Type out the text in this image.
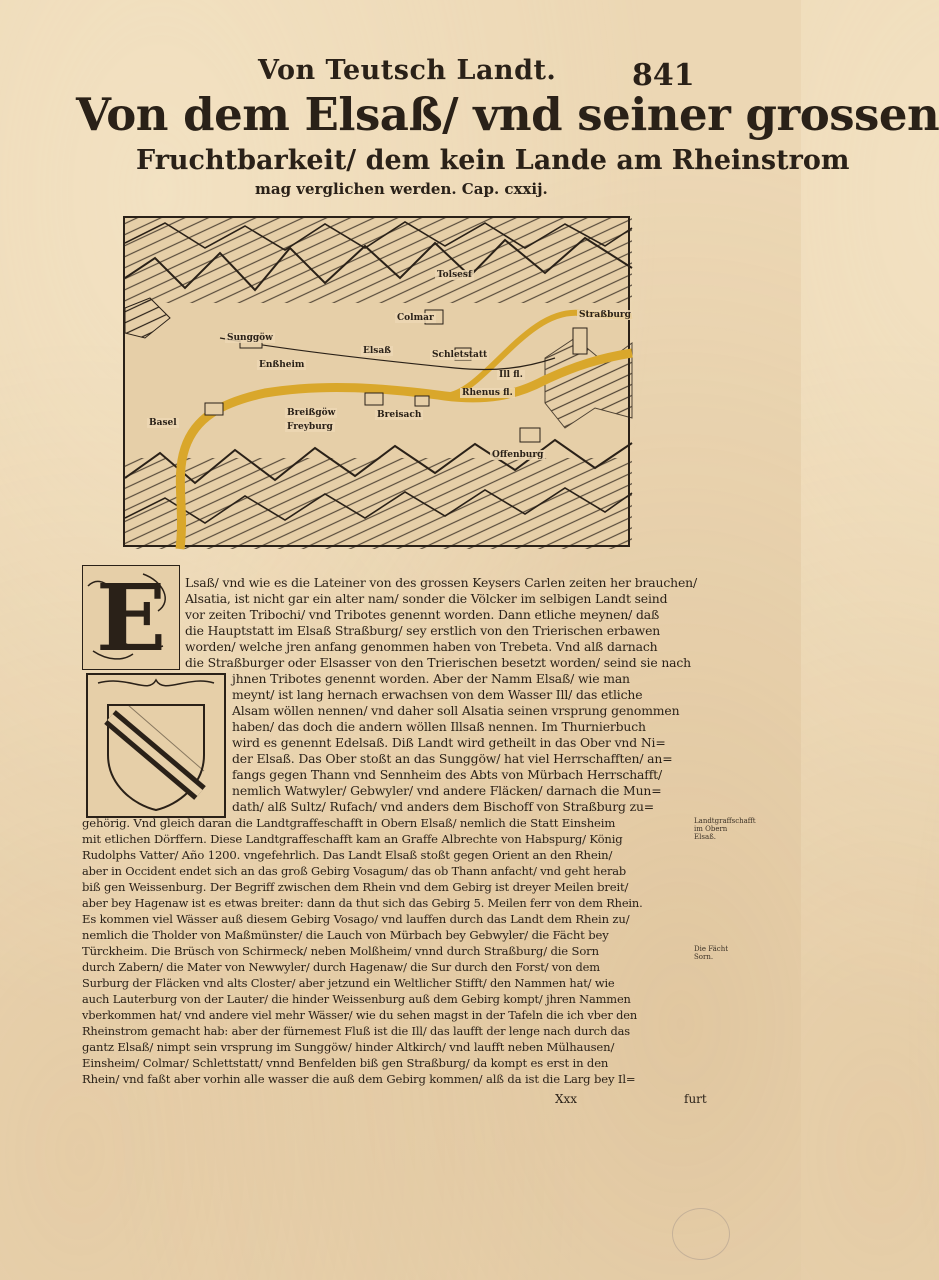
Von Teutsch Landt.	841
Von dem Elsaß/ vnd seiner grossen
Fruchtbarkeit/ dem kein Lande am Rheinstrom
mag verglichen werden. Cap. cxxij.
Colmar	Straßburg
Sunggöw
Elsaß	Schletstatt
Enßheim
Ill fl.
Rhenus fl.
Basel
Breißgöw	Breisach
Freyburg
Offenburg
Tolsesf
E	Lsaß/ vnd wie es die Lateiner von des grossen Keysers Carlen zeiten her brauchen/
Alsatia, ist nicht gar ein alter nam/ sonder die Völcker im selbigen Landt seind
vor zeiten Tribochi/ vnd Tribotes genennt worden. Dann etliche meynen/ daß
die Hauptstatt im Elsaß Straßburg/ sey erstlich von den Trierischen erbawen
worden/ welche jren anfang genommen haben von Trebeta. Vnd alß darnach
die Straßburger oder Elsasser von den Trierischen besetzt worden/ seind sie nach
jhnen Tribotes genennt worden. Aber der Namm Elsaß/ wie man
meynt/ ist lang hernach erwachsen von dem Wasser Ill/ das etliche
Alsam wöllen nennen/ vnd daher soll Alsatia seinen vrsprung genommen
haben/ das doch die andern wöllen Illsaß nennen. Im Thurnierbuch
wird es genennt Edelsaß. Diß Landt wird getheilt in das Ober vnd Ni=
der Elsaß. Das Ober stoßt an das Sunggöw/ hat viel Herrschafften/ an=
fangs gegen Thann vnd Sennheim des Abts von Mürbach Herrschafft/
nemlich Watwyler/ Gebwyler/ vnd andere Fläcken/ darnach die Mun=
dath/ alß Sultz/ Rufach/ vnd anders dem Bischoff von Straßburg zu=
gehörig. Vnd gleich daran die Landtgraffeschafft in Obern Elsaß/ nemlich die Statt Einsheim
mit etlichen Dörffern. Diese Landtgraffeschafft kam an Graffe Albrechte von Habspurg/ König
Rudolphs Vatter/ Año 1200. vngefehrlich. Das Landt Elsaß stoßt gegen Orient an den Rhein/
aber in Occident endet sich an das groß Gebirg Vosagum/ das ob Thann anfacht/ vnd geht herab
biß gen Weissenburg. Der Begriff zwischen dem Rhein vnd dem Gebirg ist dreyer Meilen breit/
aber bey Hagenaw ist es etwas breiter: dann da thut sich das Gebirg 5. Meilen ferr von dem Rhein.
Es kommen viel Wässer auß diesem Gebirg Vosago/ vnd lauffen durch das Landt dem Rhein zu/
nemlich die Tholder von Maßmünster/ die Lauch von Mürbach bey Gebwyler/ die Fächt bey
Türckheim. Die Brüsch von Schirmeck/ neben Molßheim/ vnnd durch Straßburg/ die Sorn
durch Zabern/ die Mater von Newwyler/ durch Hagenaw/ die Sur durch den Forst/ von dem
Surburg der Fläcken vnd alts Closter/ aber jetzund ein Weltlicher Stifft/ den Nammen hat/ wie
auch Lauterburg von der Lauter/ die hinder Weissenburg auß dem Gebirg kompt/ jhren Nammen
vberkommen hat/ vnd andere viel mehr Wässer/ wie du sehen magst in der Tafeln die ich vber den
Rheinstrom gemacht hab: aber der fürnemest Fluß ist die Ill/ das laufft der lenge nach durch das
gantz Elsaß/ nimpt sein vrsprung im Sunggöw/ hinder Altkirch/ vnd laufft neben Mülhausen/
Einsheim/ Colmar/ Schlettstatt/ vnnd Benfelden biß gen Straßburg/ da kompt es erst in den
Rhein/ vnd faßt aber vorhin alle wasser die auß dem Gebirg kommen/ alß da ist die Larg bey Il=
Landtgraffschafft im Obern Elsaß.
Die Fächt Sorn.
Xxx	furt
